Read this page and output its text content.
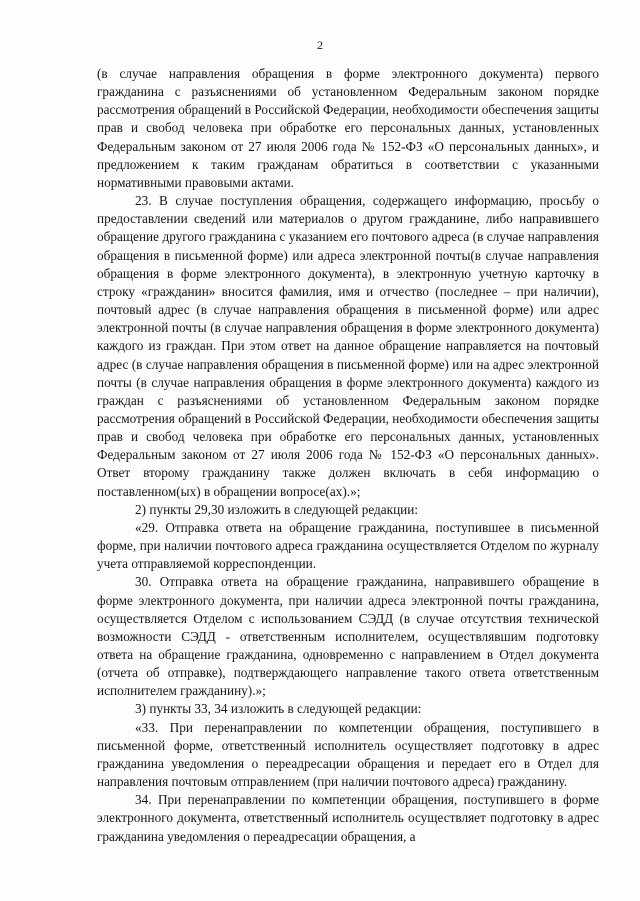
2

(в случае направления обращения в форме электронного документа) первого гражданина с разъяснениями об установленном Федеральным законом порядке рассмотрения обращений в Российской Федерации, необходимости обеспечения защиты прав и свобод человека при обработке его персональных данных, установленных Федеральным законом от 27 июля 2006 года № 152-ФЗ «О персональных данных», и предложением к таким гражданам обратиться в соответствии с указанными нормативными правовыми актами.

23. В случае поступления обращения, содержащего информацию, просьбу о предоставлении сведений или материалов о другом гражданине, либо направившего обращение другого гражданина с указанием его почтового адреса (в случае направления обращения в письменной форме) или адреса электронной почты(в случае направления обращения в форме электронного документа), в электронную учетную карточку в строку «гражданин» вносится фамилия, имя и отчество (последнее – при наличии), почтовый адрес (в случае направления обращения в письменной форме) или адрес электронной почты (в случае направления обращения в форме электронного документа) каждого из граждан. При этом ответ на данное обращение направляется на почтовый адрес (в случае направления обращения в письменной форме) или на адрес электронной почты (в случае направления обращения в форме электронного документа) каждого из граждан с разъяснениями об установленном Федеральным законом порядке рассмотрения обращений в Российской Федерации, необходимости обеспечения защиты прав и свобод человека при обработке его персональных данных, установленных Федеральным законом от 27 июля 2006 года № 152-ФЗ «О персональных данных». Ответ второму гражданину также должен включать в себя информацию о поставленном(ых) в обращении вопросе(ах).»;

2) пункты 29,30 изложить в следующей редакции:

«29. Отправка ответа на обращение гражданина, поступившее в письменной форме, при наличии почтового адреса гражданина осуществляется Отделом по журналу учета отправляемой корреспонденции.

30. Отправка ответа на обращение гражданина, направившего обращение в форме электронного документа, при наличии адреса электронной почты гражданина, осуществляется Отделом с использованием СЭДД (в случае отсутствия технической возможности СЭДД - ответственным исполнителем, осуществлявшим подготовку ответа на обращение гражданина, одновременно с направлением в Отдел документа (отчета об отправке), подтверждающего направление такого ответа ответственным исполнителем гражданину).»;

3) пункты 33, 34 изложить в следующей редакции:

«33. При перенаправлении по компетенции обращения, поступившего в письменной форме, ответственный исполнитель осуществляет подготовку в адрес гражданина уведомления о переадресации обращения и передает его в Отдел для направления почтовым отправлением (при наличии почтового адреса) гражданину.

34. При перенаправлении по компетенции обращения, поступившего в форме электронного документа, ответственный исполнитель осуществляет подготовку в адрес гражданина уведомления о переадресации обращения, а
